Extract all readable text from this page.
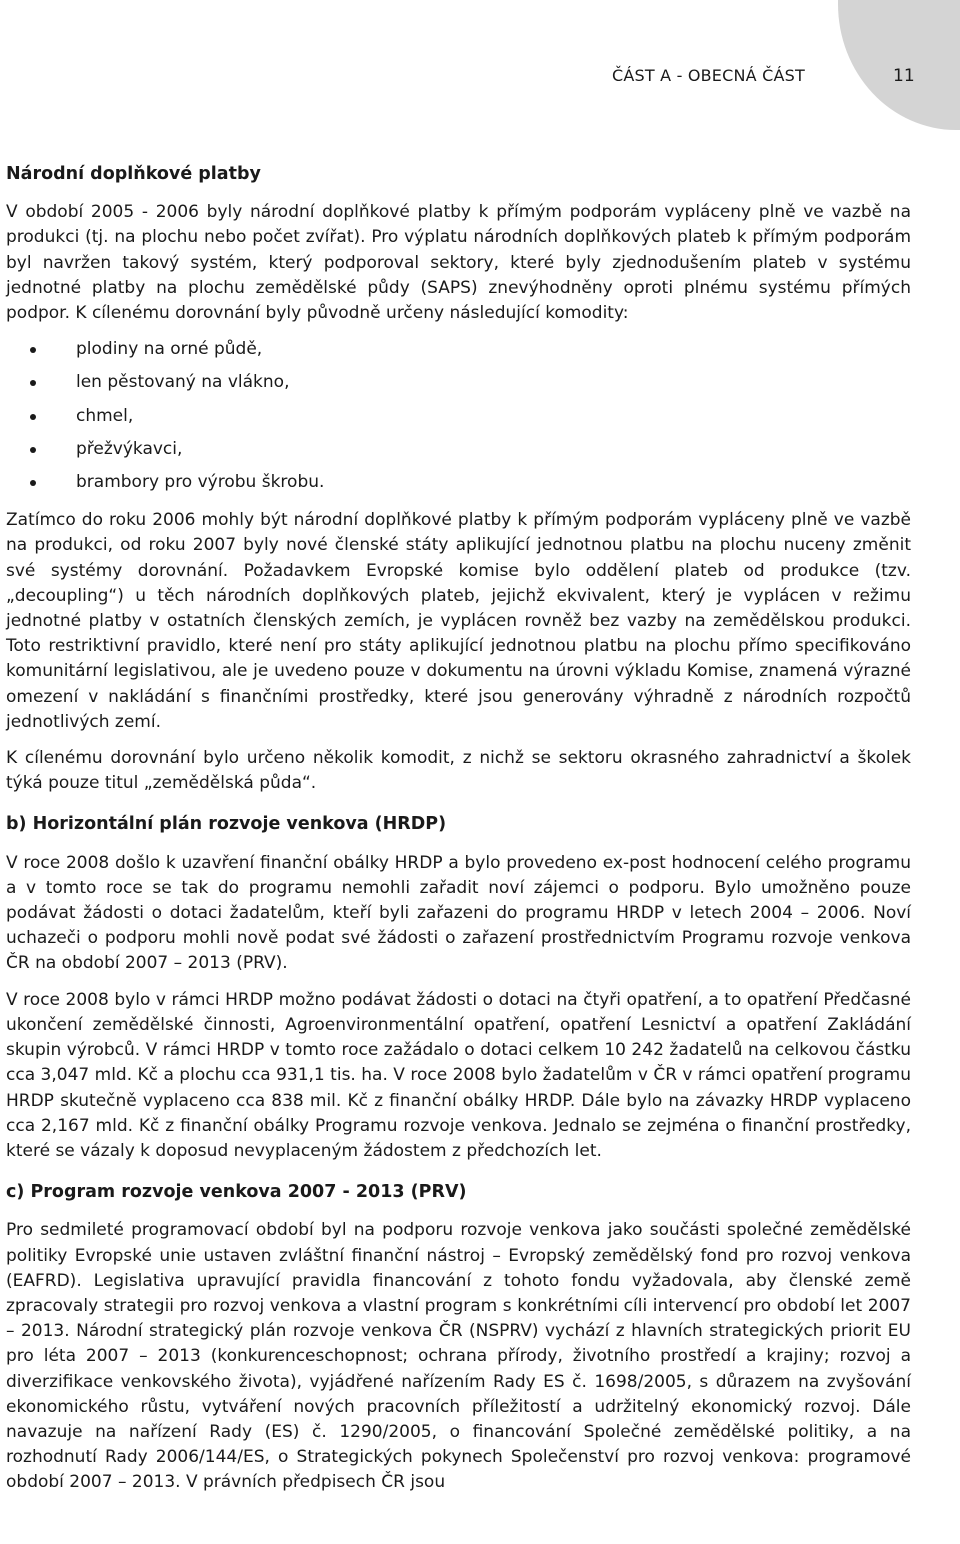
ČÁST A - OBECNÁ ČÁST	11
Národní doplňkové platby

V období 2005 - 2006 byly národní doplňkové platby k přímým podporám vypláceny plně ve vazbě na produkci (tj. na plochu nebo počet zvířat). Pro výplatu národních doplňkových plateb k přímým podporám byl navržen takový systém, který podporoval sektory, které byly zjednodušením plateb v systému jednotné platby na plochu zemědělské půdy (SAPS) znevýhodněny oproti plnému systému přímých podpor. K cílenému dorovnání byly původně určeny následující komodity:

plodiny na orné půdě,
len pěstovaný na vlákno,
chmel,
přežvýkavci,
brambory pro výrobu škrobu.

Zatímco do roku 2006 mohly být národní doplňkové platby k přímým podporám vypláceny plně ve vazbě na produkci, od roku 2007 byly nové členské státy aplikující jednotnou platbu na plochu nuceny změnit své systémy dorovnání. Požadavkem Evropské komise bylo oddělení plateb od produkce (tzv. „decoupling“) u těch národních doplňkových plateb, jejichž ekvivalent, který je vyplácen v režimu jednotné platby v ostatních členských zemích, je vyplácen rovněž bez vazby na zemědělskou produkci. Toto restriktivní pravidlo, které není pro státy aplikující jednotnou platbu na plochu přímo specifikováno komunitární legislativou, ale je uvedeno pouze v dokumentu na úrovni výkladu Komise, znamená výrazné omezení v nakládání s finančními prostředky, které jsou generovány výhradně z národních rozpočtů jednotlivých zemí.

K cílenému dorovnání bylo určeno několik komodit, z nichž se sektoru okrasného zahradnictví a školek týká pouze titul „zemědělská půda“.

b) Horizontální plán rozvoje venkova (HRDP)

V roce 2008 došlo k uzavření finanční obálky HRDP a bylo provedeno ex-post hodnocení celého programu a v tomto roce se tak do programu nemohli zařadit noví zájemci o podporu. Bylo umožněno pouze podávat žádosti o dotaci žadatelům, kteří byli zařazeni do programu HRDP v letech 2004 – 2006. Noví uchazeči o podporu mohli nově podat své žádosti o zařazení prostřednictvím Programu rozvoje venkova ČR na období 2007 – 2013 (PRV).

V roce 2008 bylo v rámci HRDP možno podávat žádosti o dotaci na čtyři opatření, a to opatření Předčasné ukončení zemědělské činnosti, Agroenvironmentální opatření, opatření Lesnictví a opatření Zakládání skupin výrobců. V rámci HRDP v tomto roce zažádalo o dotaci celkem 10 242 žadatelů na celkovou částku cca 3,047 mld. Kč a plochu cca 931,1 tis. ha. V roce 2008 bylo žadatelům v ČR v rámci opatření programu HRDP skutečně vyplaceno cca 838 mil. Kč z finanční obálky HRDP. Dále bylo na závazky HRDP vyplaceno cca 2,167 mld. Kč z finanční obálky Programu rozvoje venkova. Jednalo se zejména o finanční prostředky, které se vázaly k doposud nevyplaceným žádostem z předchozích let.

c) Program rozvoje venkova 2007 - 2013 (PRV)

Pro sedmileté programovací období byl na podporu rozvoje venkova jako součásti společné zemědělské politiky Evropské unie ustaven zvláštní finanční nástroj – Evropský zemědělský fond pro rozvoj venkova (EAFRD). Legislativa upravující pravidla financování z tohoto fondu vyžadovala, aby členské země zpracovaly strategii pro rozvoj venkova a vlastní program s konkrétními cíli intervencí pro období let 2007 – 2013. Národní strategický plán rozvoje venkova ČR (NSPRV) vychází z hlavních strategických priorit EU pro léta 2007 – 2013 (konkurenceschopnost; ochrana přírody, životního prostředí a krajiny; rozvoj a diverzifikace venkovského života), vyjádřené nařízením Rady ES č. 1698/2005, s důrazem na zvyšování ekonomického růstu, vytváření nových pracovních příležitostí a udržitelný ekonomický rozvoj. Dále navazuje na nařízení Rady (ES) č. 1290/2005, o financování Společné zemědělské politiky, a na rozhodnutí Rady 2006/144/ES, o Strategických pokynech Společenství pro rozvoj venkova: programové období 2007 – 2013. V právních předpisech ČR jsou
